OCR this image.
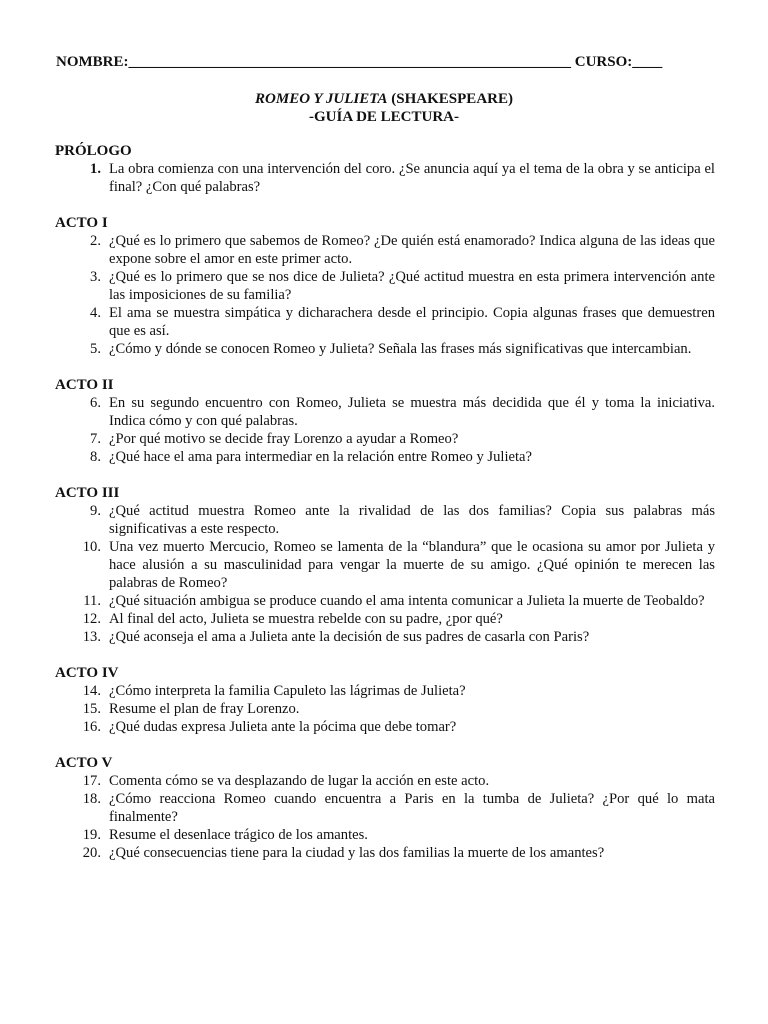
NOMBRE:___________________________________________________________ CURSO:____
ROMEO Y JULIETA (SHAKESPEARE)
-GUÍA DE LECTURA-
PRÓLOGO
1. La obra comienza con una intervención del coro. ¿Se anuncia aquí ya el tema de la obra y se anticipa el final? ¿Con qué palabras?
ACTO I
2. ¿Qué es lo primero que sabemos de Romeo? ¿De quién está enamorado? Indica alguna de las ideas que expone sobre el amor en este primer acto.
3. ¿Qué es lo primero que se nos dice de Julieta? ¿Qué actitud muestra en esta primera intervención ante las imposiciones de su familia?
4. El ama se muestra simpática y dicharachera desde el principio. Copia algunas frases que demuestren que es así.
5. ¿Cómo y dónde se conocen Romeo y Julieta? Señala las frases más significativas que intercambian.
ACTO II
6. En su segundo encuentro con Romeo, Julieta se muestra más decidida que él y toma la iniciativa. Indica cómo y con qué palabras.
7. ¿Por qué motivo se decide fray Lorenzo a ayudar a Romeo?
8. ¿Qué hace el ama para intermediar en la relación entre Romeo y Julieta?
ACTO III
9. ¿Qué actitud muestra Romeo ante la rivalidad de las dos familias? Copia sus palabras más significativas a este respecto.
10. Una vez muerto Mercucio, Romeo se lamenta de la “blandura” que le ocasiona su amor por Julieta y hace alusión a su masculinidad para vengar la muerte de su amigo. ¿Qué opinión te merecen las palabras de Romeo?
11. ¿Qué situación ambigua se produce cuando el ama intenta comunicar a Julieta la muerte de Teobaldo?
12. Al final del acto, Julieta se muestra rebelde con su padre, ¿por qué?
13. ¿Qué aconseja el ama a Julieta ante la decisión de sus padres de casarla con Paris?
ACTO IV
14. ¿Cómo interpreta la familia Capuleto las lágrimas de Julieta?
15. Resume el plan de fray Lorenzo.
16. ¿Qué dudas expresa Julieta ante la pócima que debe tomar?
ACTO V
17. Comenta cómo se va desplazando de lugar la acción en este acto.
18. ¿Cómo reacciona Romeo cuando encuentra a Paris en la tumba de Julieta? ¿Por qué lo mata finalmente?
19. Resume el desenlace trágico de los amantes.
20. ¿Qué consecuencias tiene para la ciudad y las dos familias la muerte de los amantes?
